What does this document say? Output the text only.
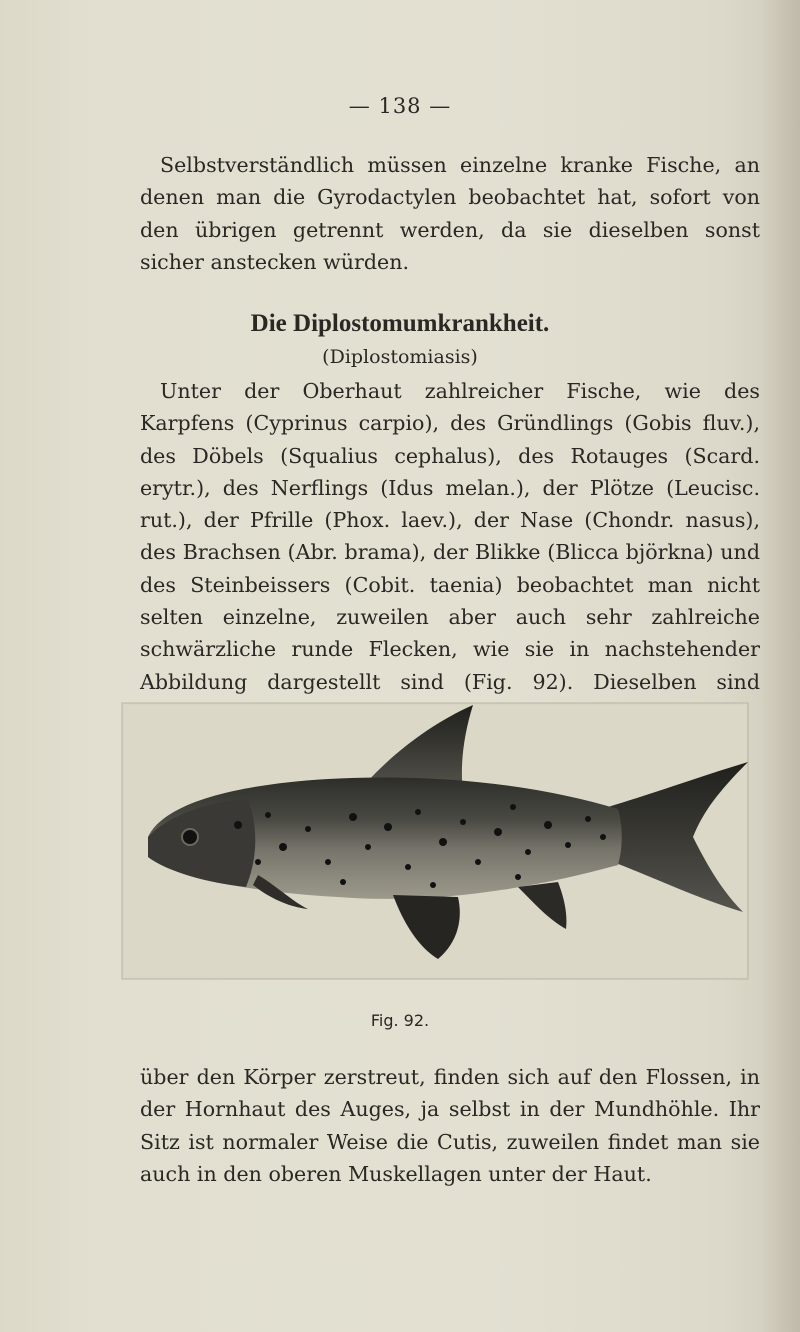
— 138 —

Selbstverständlich müssen einzelne kranke Fische, an denen man die Gyrodactylen beobachtet hat, sofort von den übrigen getrennt werden, da sie dieselben sonst sicher anstecken würden.

Die Diplostomumkrankheit.
(Diplostomiasis)

Unter der Oberhaut zahlreicher Fische, wie des Karpfens (Cyprinus carpio), des Gründlings (Gobis fluv.), des Döbels (Squalius cephalus), des Rotauges (Scard. erytr.), des Nerflings (Idus melan.), der Plötze (Leucisc. rut.), der Pfrille (Phox. laev.), der Nase (Chondr. nasus), des Brachsen (Abr. brama), der Blikke (Blicca björkna) und des Steinbeissers (Cobit. taenia) beobachtet man nicht selten einzelne, zuweilen aber auch sehr zahlreiche schwärzliche runde Flecken, wie sie in nachstehender Abbildung dargestellt sind (Fig. 92). Dieselben sind

Fig. 92.

über den Körper zerstreut, finden sich auf den Flossen, in der Hornhaut des Auges, ja selbst in der Mundhöhle. Ihr Sitz ist normaler Weise die Cutis, zuweilen findet man sie auch in den oberen Muskellagen unter der Haut.
